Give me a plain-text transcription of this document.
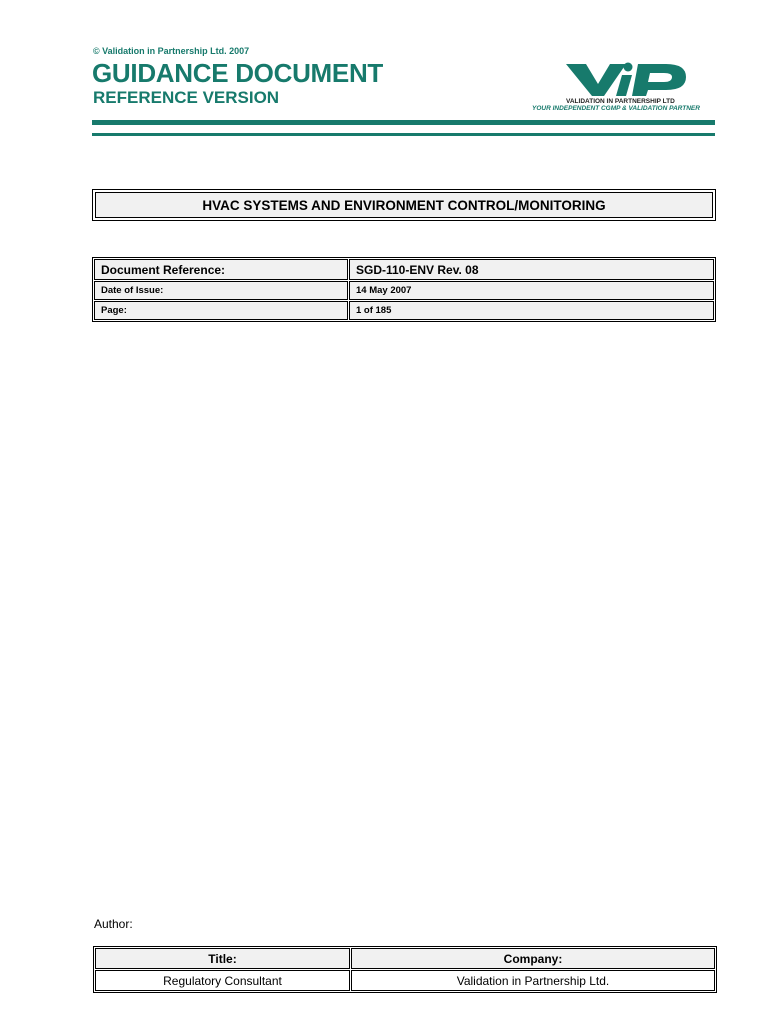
© Validation in Partnership Ltd. 2007
GUIDANCE DOCUMENT
REFERENCE VERSION	VALIDATION IN PARTNERSHIP LTD
YOUR INDEPENDENT CGMP & VALIDATION PARTNER
HVAC SYSTEMS AND ENVIRONMENT CONTROL/MONITORING
Document Reference:	SGD-110-ENV Rev. 08
Date of Issue:	14 May 2007
Page:	1 of 185
Author:
Title:	Company:
Regulatory Consultant	Validation in Partnership Ltd.
